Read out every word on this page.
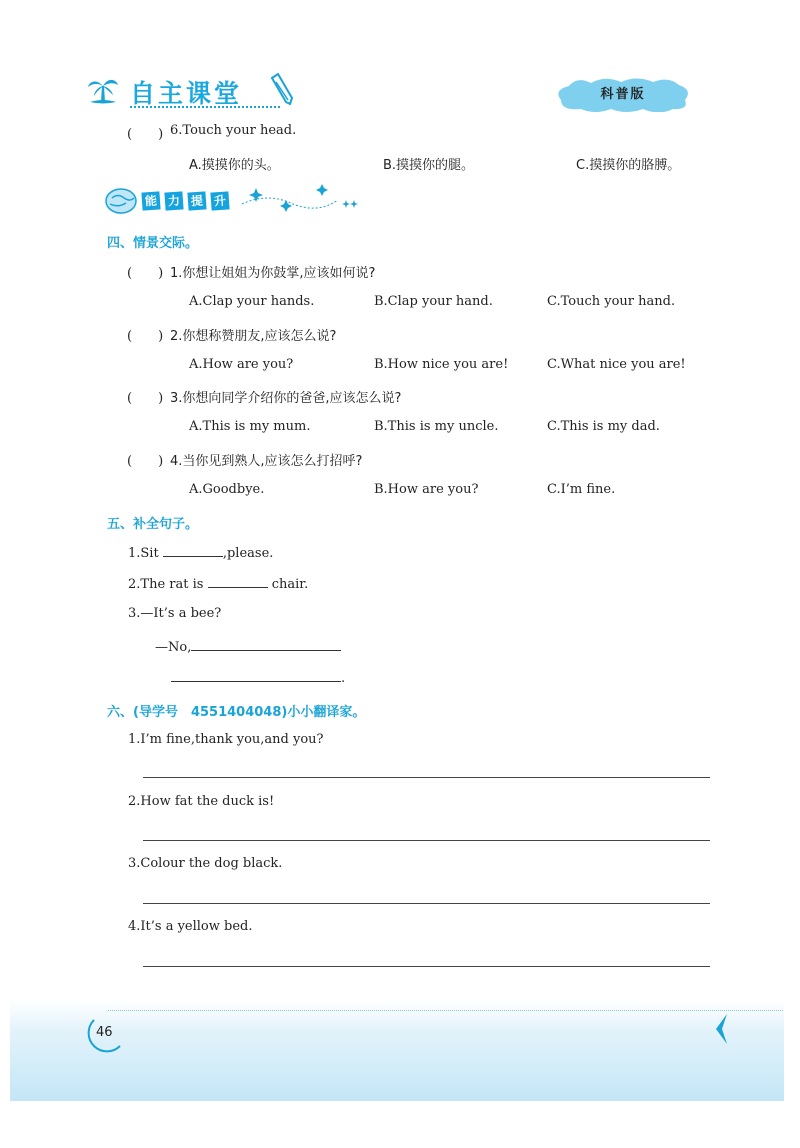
自主课堂	科普版
(　　) 6.Touch your head.
A.摸摸你的头。	B.摸摸你的腿。	C.摸摸你的胳膊。
能 力 提 升
四、情景交际。
(　　) 1.你想让姐姐为你鼓掌,应该如何说?
A.Clap your hands.	B.Clap your hand.	C.Touch your hand.
(　　) 2.你想称赞朋友,应该怎么说?
A.How are you?	B.How nice you are!	C.What nice you are!
(　　) 3.你想向同学介绍你的爸爸,应该怎么说?
A.This is my mum.	B.This is my uncle.	C.This is my dad.
(　　) 4.当你见到熟人,应该怎么打招呼?
A.Goodbye.	B.How are you?	C.I’m fine.
五、补全句子。
1.Sit	,please.
2.The rat is	chair.
3.—It’s a bee?
—No,
.
六、(导学号　4551404048)小小翻译家。
1.I’m fine,thank you,and you?
2.How fat the duck is!
3.Colour the dog black.
4.It’s a yellow bed.
46
